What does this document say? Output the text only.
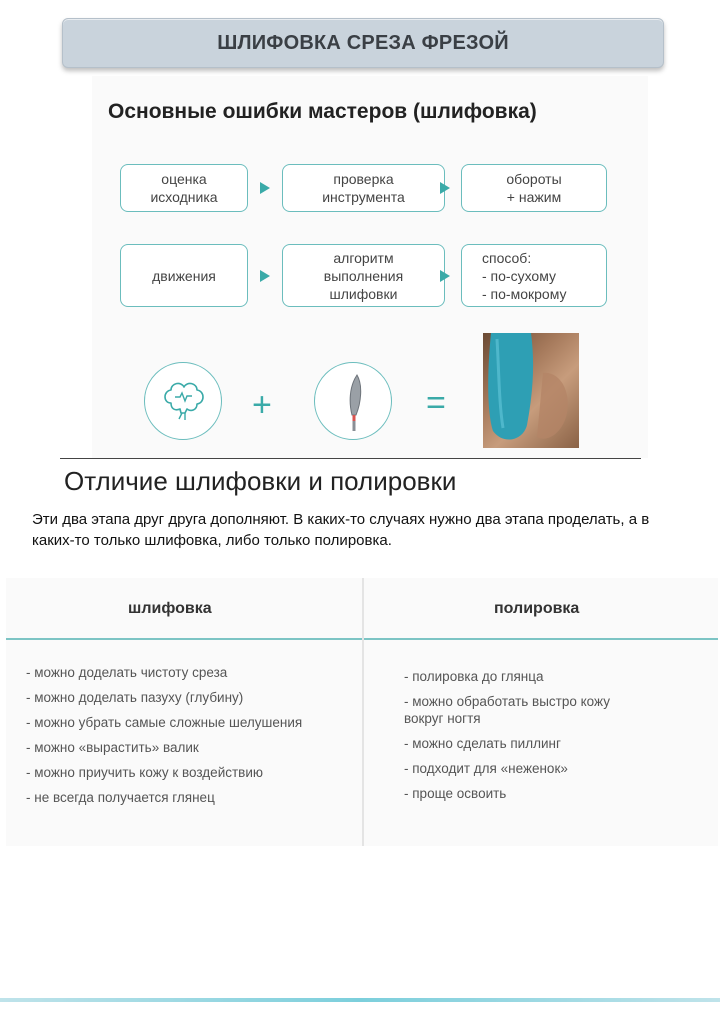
ШЛИФОВКА СРЕЗА ФРЕЗОЙ
Основные ошибки мастеров (шлифовка)
оценка
исходника
проверка
инструмента
обороты
+ нажим
движения
алгоритм
выполнения
шлифовки
способ:
- по-сухому
- по-мокрому
+	=
Отличие шлифовки и полировки
Эти два этапа друг друга дополняют. В каких-то случаях нужно два этапа проделать, а в каких-то только шлифовка, либо только полировка.
шлифовка	полировка
- можно доделать чистоту среза
- можно доделать пазуху (глубину)
- можно убрать самые сложные шелушения
- можно «вырастить» валик
- можно приучить кожу к воздействию
- не всегда получается глянец
- полировка до глянца
- можно обработать выстро кожу
вокруг ногтя
- можно сделать пиллинг
- подходит для «неженок»
- проще освоить
